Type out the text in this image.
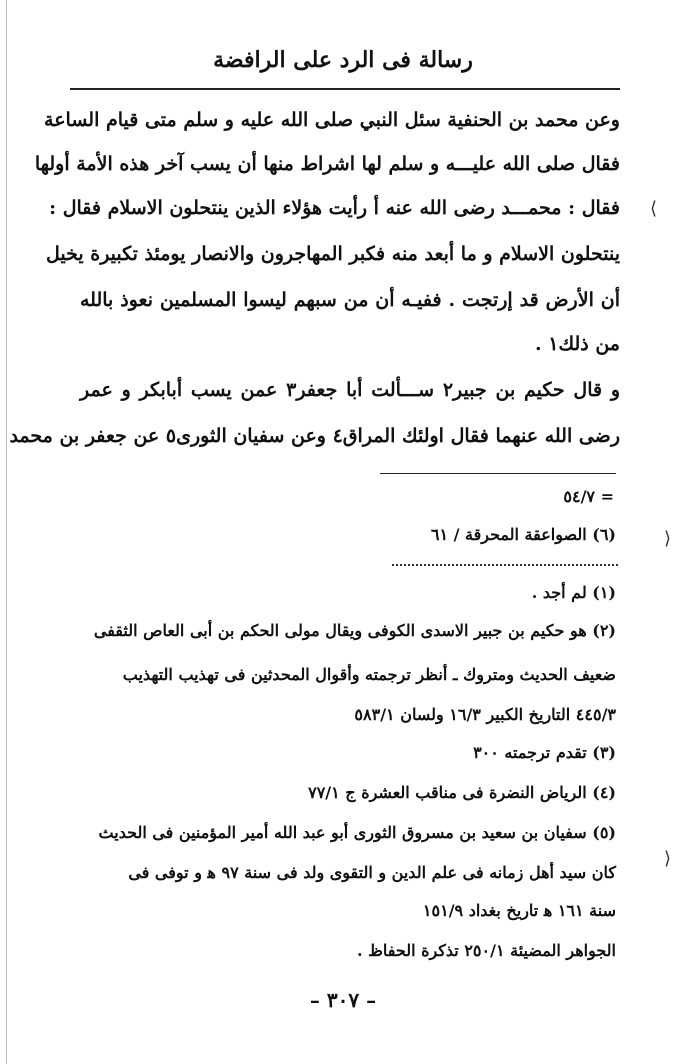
رسالة فى الرد على الرافضة
وعن محمد بن الحنفية سئل النبي صلى الله عليه و سلم متى قيام الساعة
فقال صلى الله عليـــه و سلم لها اشراط منها أن يسب آخر هذه الأمة أولها
فقال : محمـــد رضى الله عنه أ رأيت هؤلاء الذين ينتحلون الاسلام فقال :
ينتحلون الاسلام و ما أبعد منه فكبر المهاجرون والانصار يومئذ تكبيرة يخيل
أن الأرض قد إرتجت . ففيـه أن من سبهم ليسوا المسلمين نعوذ بالله
من ذلك١ .
و قال حكيم بن جبير٢ ســـألت أبا جعفر٣ عمن يسب أبابكر و عمر
رضى الله عنهما فقال اولئك المراق٤ وعن سفيان الثورى٥ عن جعفر بن محمد
= ٥٤/٧
(٦) الصواعقة المحرقة / ٦١
(١) لم أجد .
(٢) هو حكيم بن جبير الاسدى الكوفى ويقال مولى الحكم بن أبى العاص الثقفى
ضعيف الحديث ومتروك ـ أنظر ترجمته وأقوال المحدثين فى تهذيب التهذيب
٤٤٥/٣ التاريخ الكبير ١٦/٣ ولسان ٥٨٣/١
(٣) تقدم ترجمته ٣٠٠
(٤) الرياض النضرة فى مناقب العشرة ج ٧٧/١
(٥) سفيان بن سعيد بن مسروق الثورى أبو عبد الله أمير المؤمنين فى الحديث
كان سيد أهل زمانه فى علم الدين و التقوى ولد فى سنة ٩٧ ﻫ و توفى فى
سنة ١٦١ ﻫ تاريخ بغداد ١٥١/٩
الجواهر المضيئة ٢٥٠/١ تذكرة الحفاظ .
– ٣٠٧ –
⟨
⟩
⟩
